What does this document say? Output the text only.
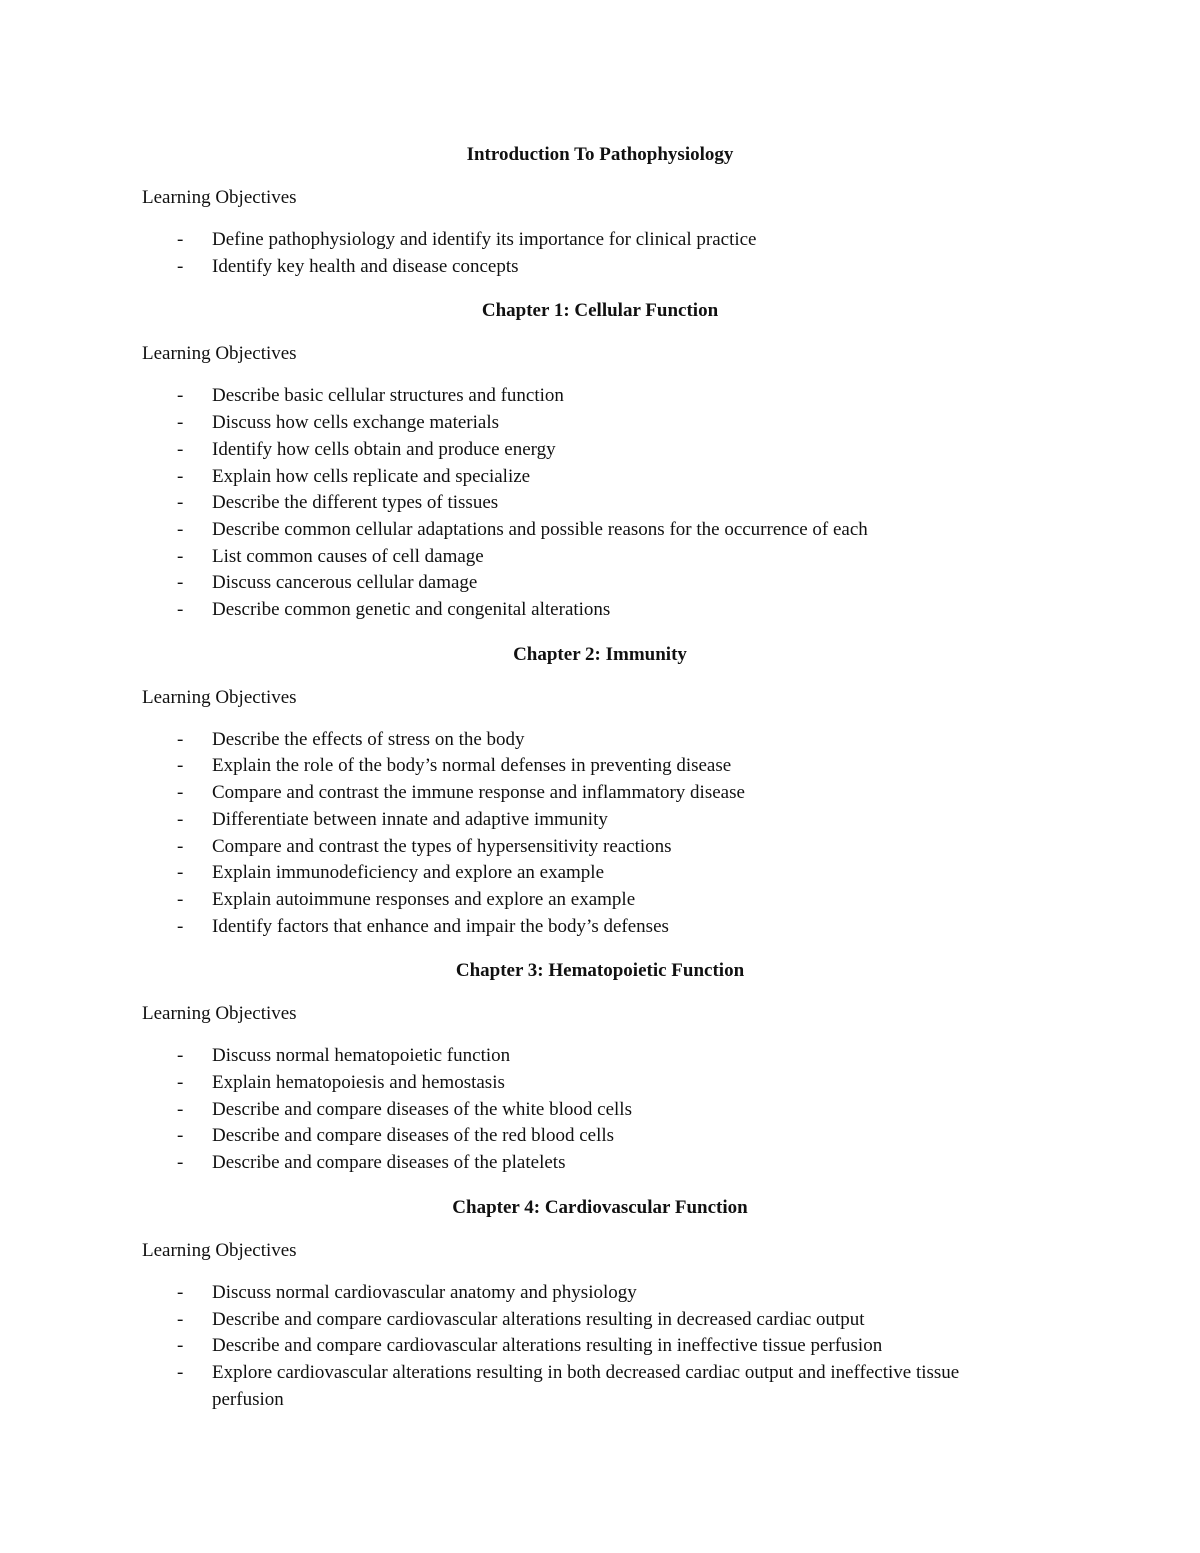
Introduction To Pathophysiology
Learning Objectives
- Define pathophysiology and identify its importance for clinical practice
- Identify key health and disease concepts
Chapter 1: Cellular Function
Learning Objectives
- Describe basic cellular structures and function
- Discuss how cells exchange materials
- Identify how cells obtain and produce energy
- Explain how cells replicate and specialize
- Describe the different types of tissues
- Describe common cellular adaptations and possible reasons for the occurrence of each
- List common causes of cell damage
- Discuss cancerous cellular damage
- Describe common genetic and congenital alterations
Chapter 2: Immunity
Learning Objectives
- Describe the effects of stress on the body
- Explain the role of the body’s normal defenses in preventing disease
- Compare and contrast the immune response and inflammatory disease
- Differentiate between innate and adaptive immunity
- Compare and contrast the types of hypersensitivity reactions
- Explain immunodeficiency and explore an example
- Explain autoimmune responses and explore an example
- Identify factors that enhance and impair the body’s defenses
Chapter 3: Hematopoietic Function
Learning Objectives
- Discuss normal hematopoietic function
- Explain hematopoiesis and hemostasis
- Describe and compare diseases of the white blood cells
- Describe and compare diseases of the red blood cells
- Describe and compare diseases of the platelets
Chapter 4: Cardiovascular Function
Learning Objectives
- Discuss normal cardiovascular anatomy and physiology
- Describe and compare cardiovascular alterations resulting in decreased cardiac output
- Describe and compare cardiovascular alterations resulting in ineffective tissue perfusion
- Explore cardiovascular alterations resulting in both decreased cardiac output and ineffective tissue perfusion
